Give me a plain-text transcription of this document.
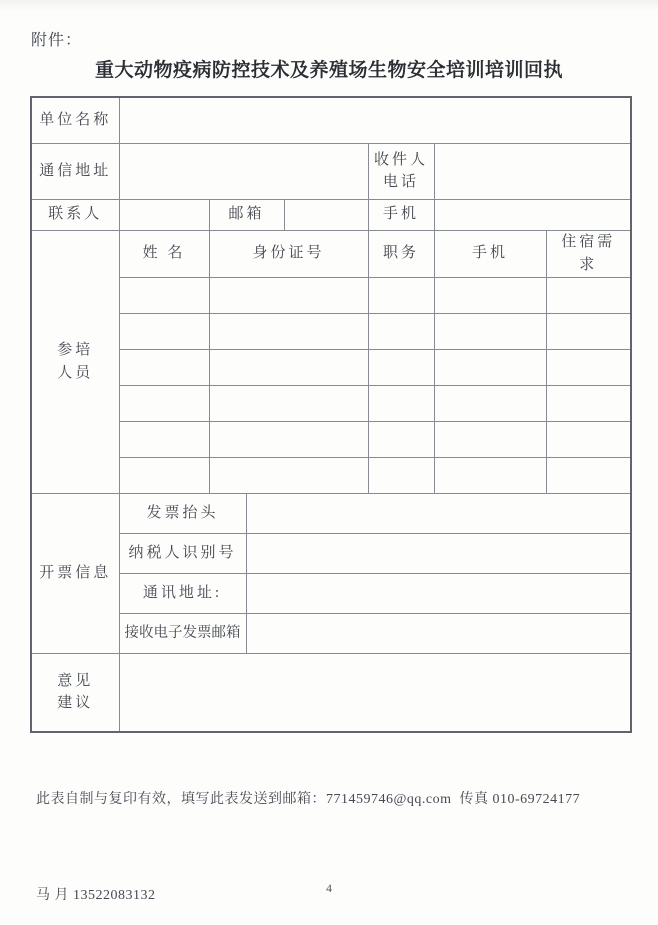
附件：
重大动物疫病防控技术及养殖场生物安全培训培训回执
单位名称							
通信地址					收件人电话		
联系人		邮箱			手机		
参培人员	姓 名	身份证号			职务	手机	住宿需求

开票信息	发票抬头						
	纳税人识别号						
	通讯地址:						
	接收电子发票邮箱						
意见建议							

此表自制与复印有效，填写此表发送到邮箱：771459746@qq.com  传真 010-69724177

马 月 13522083132

	4
